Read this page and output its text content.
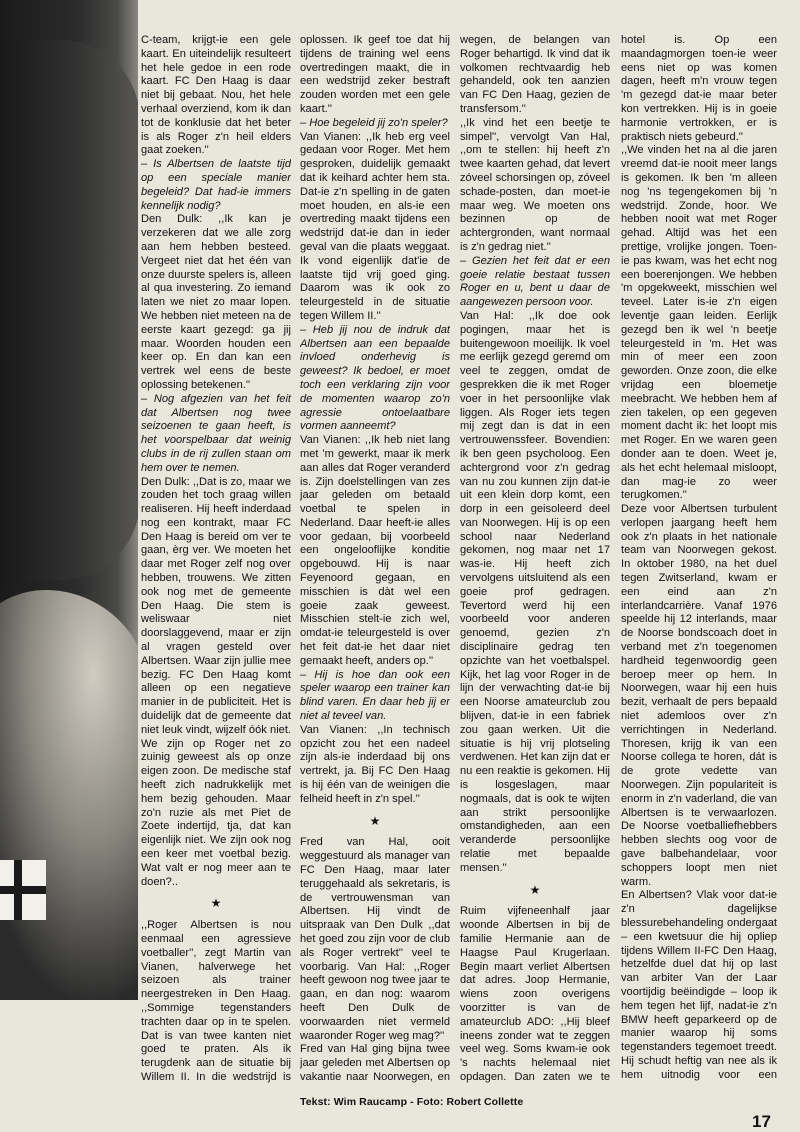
C-team, krijgt-ie een gele kaart. En uiteindelijk resulteert het hele gedoe in een rode kaart. FC Den Haag is daar niet bij gebaat. Nou, het hele verhaal overziend, kom ik dan tot de konklusie dat het beter is als Roger z'n heil elders gaat zoeken.''

– Is Albertsen de laatste tijd op een speciale manier begeleid? Dat had-ie immers kennelijk nodig?

Den Dulk: ,,Ik kan je verzekeren dat we alle zorg aan hem hebben besteed. Vergeet niet dat het één van onze duurste spelers is, alleen al qua investering. Zo iemand laten we niet zo maar lopen. We hebben niet meteen na de eerste kaart gezegd: ga jij maar. Woorden houden een keer op. En dan kan een vertrek wel eens de beste oplossing betekenen.''

– Nog afgezien van het feit dat Albertsen nog twee seizoenen te gaan heeft, is het voorspelbaar dat weinig clubs in de rij zullen staan om hem over te nemen.

Den Dulk: ,,Dat is zo, maar we zouden het toch graag willen realiseren. Hij heeft inderdaad nog een kontrakt, maar FC Den Haag is bereid om ver te gaan, èrg ver. We moeten het daar met Roger zelf nog over hebben, trouwens. We zitten ook nog met de gemeente Den Haag. Die stem is weliswaar niet doorslaggevend, maar er zijn al vragen gesteld over Albertsen. Waar zijn jullie mee bezig. FC Den Haag komt alleen op een negatieve manier in de publiciteit. Het is duidelijk dat de gemeente dat niet leuk vindt, wijzelf óók niet. We zijn op Roger net zo zuinig geweest als op onze eigen zoon. De medische staf heeft zich nadrukkelijk met hem bezig gehouden. Maar zo'n ruzie als met Piet de Zoete indertijd, tja, dat kan eigenlijk niet. We zijn ook nog een keer met voetbal bezig. Wat valt er nog meer aan te doen?..

★

,,Roger Albertsen is nou eenmaal een agressieve voetballer'', zegt Martin van Vianen, halverwege het seizoen als trainer neergestreken in Den Haag. ,,Sommige tegenstanders trachten daar op in te spelen. Dat is van twee kanten niet goed te praten. Als ik terugdenk aan de situatie bij Willem II. In die wedstrijd is

oplossen. Ik geef toe dat hij tijdens de training wel eens overtredingen maakt, die in een wedstrijd zeker bestraft zouden worden met een gele kaart.''

– Hoe begeleid jij zo'n speler?

Van Vianen: ,,Ik heb erg veel gedaan voor Roger. Met hem gesproken, duidelijk gemaakt dat ik keihard achter hem sta. Dat-ie z'n spelling in de gaten moet houden, en als-ie een overtreding maakt tijdens een wedstrijd dat-ie dan in ieder geval van die plaats weggaat. Ik vond eigenlijk dat'ie de laatste tijd vrij goed ging. Daarom was ik ook zo teleurgesteld in de situatie tegen Willem II.''

– Heb jij nou de indruk dat Albertsen aan een bepaalde invloed onderhevig is geweest? Ik bedoel, er moet toch een verklaring zijn voor de momenten waarop zo'n agressie ontoelaatbare vormen aanneemt?

Van Vianen: ,,Ik heb niet lang met 'm gewerkt, maar ik merk aan alles dat Roger veranderd is. Zijn doelstellingen van zes jaar geleden om betaald voetbal te spelen in Nederland. Daar heeft-ie alles voor gedaan, bij voorbeeld een ongelooflijke konditie opgebouwd. Hij is naar Feyenoord gegaan, en misschien is dàt wel een goeie zaak geweest. Misschien stelt-ie zich wel, omdat-ie teleurgesteld is over het feit dat-ie het daar niet gemaakt heeft, anders op.''

– Hij is hoe dan ook een speler waarop een trainer kan blind varen. En daar heb jij er niet al teveel van.

Van Vianen: ,,In technisch opzicht zou het een nadeel zijn als-ie inderdaad bij ons vertrekt, ja. Bij FC Den Haag is hij één van de weinigen die felheid heeft in z'n spel.''

★

Fred van Hal, ooit weggestuurd als manager van FC Den Haag, maar later teruggehaald als sekretaris, is de vertrouwensman van Albertsen. Hij vindt de uitspraak van Den Dulk ,,dat het goed zou zijn voor de club als Roger vertrekt'' veel te voorbarig. Van Hal: ,,Roger heeft gewoon nog twee jaar te gaan, en dan nog: waarom heeft Den Dulk de voorwaarden niet vermeld waaronder Roger weg mag?''

Fred van Hal ging bijna twee jaar geleden met Albertsen op vakantie naar Noorwegen, en

wegen, de belangen van Roger behartigd. Ik vind dat ik volkomen rechtvaardig heb gehandeld, ook ten aanzien van FC Den Haag, gezien de transfersom.''

,,Ik vind het een beetje te simpel'', vervolgt Van Hal, ,,om te stellen: hij heeft z'n twee kaarten gehad, dat levert zóveel schorsingen op, zóveel schade-posten, dan moet-ie maar weg. We moeten ons bezinnen op de achtergronden, want normaal is z'n gedrag niet.''

– Gezien het feit dat er een goeie relatie bestaat tussen Roger en u, bent u daar de aangewezen persoon voor.

Van Hal: ,,Ik doe ook pogingen, maar het is buitengewoon moeilijk. Ik voel me eerlijk gezegd geremd om veel te zeggen, omdat de gesprekken die ik met Roger voer in het persoonlijke vlak liggen. Als Roger iets tegen mij zegt dan is dat in een vertrouwenssfeer. Bovendien: ik ben geen psycholoog. Een achtergrond voor z'n gedrag van nu zou kunnen zijn dat-ie uit een klein dorp komt, een dorp in een geisoleerd deel van Noorwegen. Hij is op een school naar Nederland gekomen, nog maar net 17 was-ie. Hij heeft zich vervolgens uitsluitend als een goeie prof gedragen. Tevertord werd hij een voorbeeld voor anderen genoemd, gezien z'n disciplinaire gedrag ten opzichte van het voetbalspel. Kijk, het lag voor Roger in de lijn der verwachting dat-ie bij een Noorse amateurclub zou blijven, dat-ie in een fabriek zou gaan werken. Uit die situatie is hij vrij plotseling verdwenen. Het kan zijn dat er nu een reaktie is gekomen. Hij is losgeslagen, maar nogmaals, dat is ook te wijten aan strikt persoonlijke omstandigheden, aan een veranderde persoonlijke relatie met bepaalde mensen.''

★

Ruim vijfeneenhalf jaar woonde Albertsen in bij de familie Hermanie aan de Haagse Paul Krugerlaan. Begin maart verliet Albertsen dat adres. Joop Hermanie, wiens zoon overigens voorzitter is van de amateurclub ADO: ,,Hij bleef ineens zonder wat te zeggen veel weg. Soms kwam-ie ook 's nachts helemaal niet opdagen. Dan zaten we te

hotel is. Op een maandagmorgen toen-ie weer eens niet op was komen dagen, heeft m'n vrouw tegen 'm gezegd dat-ie maar beter kon vertrekken. Hij is in goeie harmonie vertrokken, er is praktisch niets gebeurd.''

,,We vinden het na al die jaren vreemd dat-ie nooit meer langs is gekomen. Ik ben 'm alleen nog 'ns tegengekomen bij 'n wedstrijd. Zonde, hoor. We hebben nooit wat met Roger gehad. Altijd was het een prettige, vrolijke jongen. Toen-ie pas kwam, was het echt nog een boerenjongen. We hebben 'm opgekweekt, misschien wel teveel. Later is-ie z'n eigen leventje gaan leiden. Eerlijk gezegd ben ik wel 'n beetje teleurgesteld in 'm. Het was min of meer een zoon geworden. Onze zoon, die elke vrijdag een bloemetje meebracht. We hebben hem af zien takelen, op een gegeven moment dacht ik: het loopt mis met Roger. En we waren geen donder aan te doen. Weet je, als het echt helemaal misloopt, dan mag-ie zo weer terugkomen.''

Deze voor Albertsen turbulent verlopen jaargang heeft hem ook z'n plaats in het nationale team van Noorwegen gekost. In oktober 1980, na het duel tegen Zwitserland, kwam er een eind aan z'n interlandcarrière. Vanaf 1976 speelde hij 12 interlands, maar de Noorse bondscoach doet in verband met z'n toegenomen hardheid tegenwoordig geen beroep meer op hem. In Noorwegen, waar hij een huis bezit, verhaalt de pers bepaald niet ademloos over z'n verrichtingen in Nederland. Thoresen, krijg ik van een Noorse collega te horen, dát is de grote vedette van Noorwegen. Zijn populariteit is enorm in z'n vaderland, die van Albertsen is te verwaarlozen. De Noorse voetballiefhebbers hebben slechts oog voor de gave balbehandelaar, voor schoppers loopt men niet warm.

En Albertsen? Vlak voor dat-ie z'n dagelijkse blessurebehandeling ondergaat – een kwetsuur die hij opliep tijdens Willem II-FC Den Haag, hetzelfde duel dat hij op last van arbiter Van der Laar voortijdig beëindigde – loop ik hem tegen het lijf, nadat-ie z'n BMW heeft geparkeerd op de manier waarop hij soms tegenstanders tegemoet treedt. Hij schudt heftig van nee als ik hem uitnodig voor een

Tekst: Wim Raucamp - Foto: Robert Collette
17
